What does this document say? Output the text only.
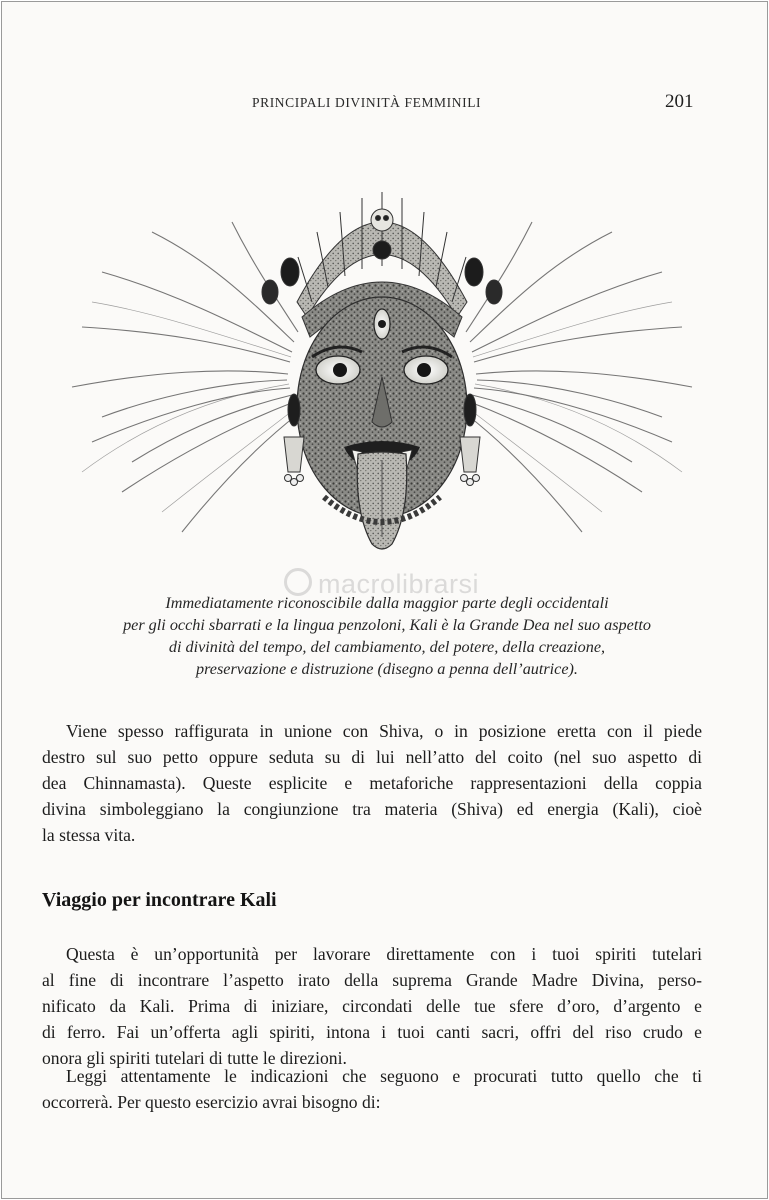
PRINCIPALI DIVINITÀ FEMMINILI	201
macrolibrarsi
Immediatamente riconoscibile dalla maggior parte degli occidentali
per gli occhi sbarrati e la lingua penzoloni, Kali è la Grande Dea nel suo aspetto
di divinità del tempo, del cambiamento, del potere, della creazione,
preservazione e distruzione (disegno a penna dell’autrice).
Viene spesso raffigurata in unione con Shiva, o in posizione eretta con il piede
destro sul suo petto oppure seduta su di lui nell’atto del coito (nel suo aspetto di
dea Chinnamasta). Queste esplicite e metaforiche rappresentazioni della coppia
divina simboleggiano la congiunzione tra materia (Shiva) ed energia (Kali), cioè
la stessa vita.
Viaggio per incontrare Kali
Questa è un’opportunità per lavorare direttamente con i tuoi spiriti tutelari
al fine di incontrare l’aspetto irato della suprema Grande Madre Divina, perso-
nificato da Kali. Prima di iniziare, circondati delle tue sfere d’oro, d’argento e
di ferro. Fai un’offerta agli spiriti, intona i tuoi canti sacri, offri del riso crudo e
onora gli spiriti tutelari di tutte le direzioni.
Leggi attentamente le indicazioni che seguono e procurati tutto quello che ti
occorrerà. Per questo esercizio avrai bisogno di:
